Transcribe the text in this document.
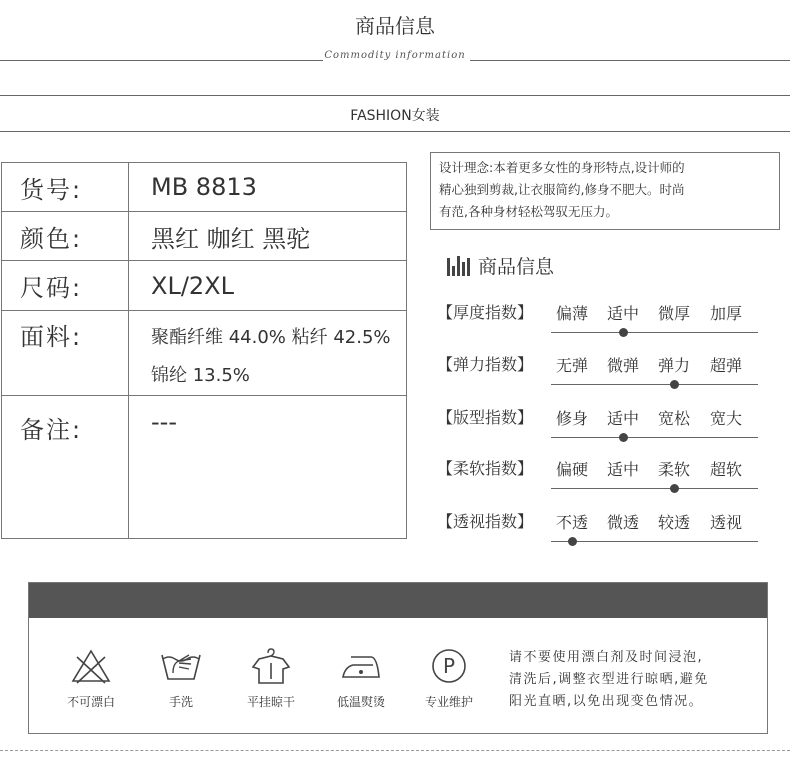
商品信息
Commodity information
FASHION女装
货号:	MB 8813
颜色:	黑红 咖红 黑驼
尺码:	XL/2XL
面料:	聚酯纤维 44.0% 粘纤 42.5%
锦纶 13.5%

备注:	---
设计理念:本着更多女性的身形特点,设计师的
精心独到剪裁,让衣服简约,修身不肥大。时尚
有范,各种身材轻松驾驭无压力。
商品信息
【厚度指数】 偏薄 适中 微厚 加厚
【弹力指数】 无弹 微弹 弹力 超弹
【版型指数】 修身 适中 宽松 宽大
【柔软指数】 偏硬 适中 柔软 超软
【透视指数】 不透 微透 较透 透视
不可漂白	手洗	平挂晾干	低温熨烫
P
专业维护
请不要使用漂白剂及时间浸泡,
清洗后,调整衣型进行晾晒,避免
阳光直晒,以免出现变色情况。
